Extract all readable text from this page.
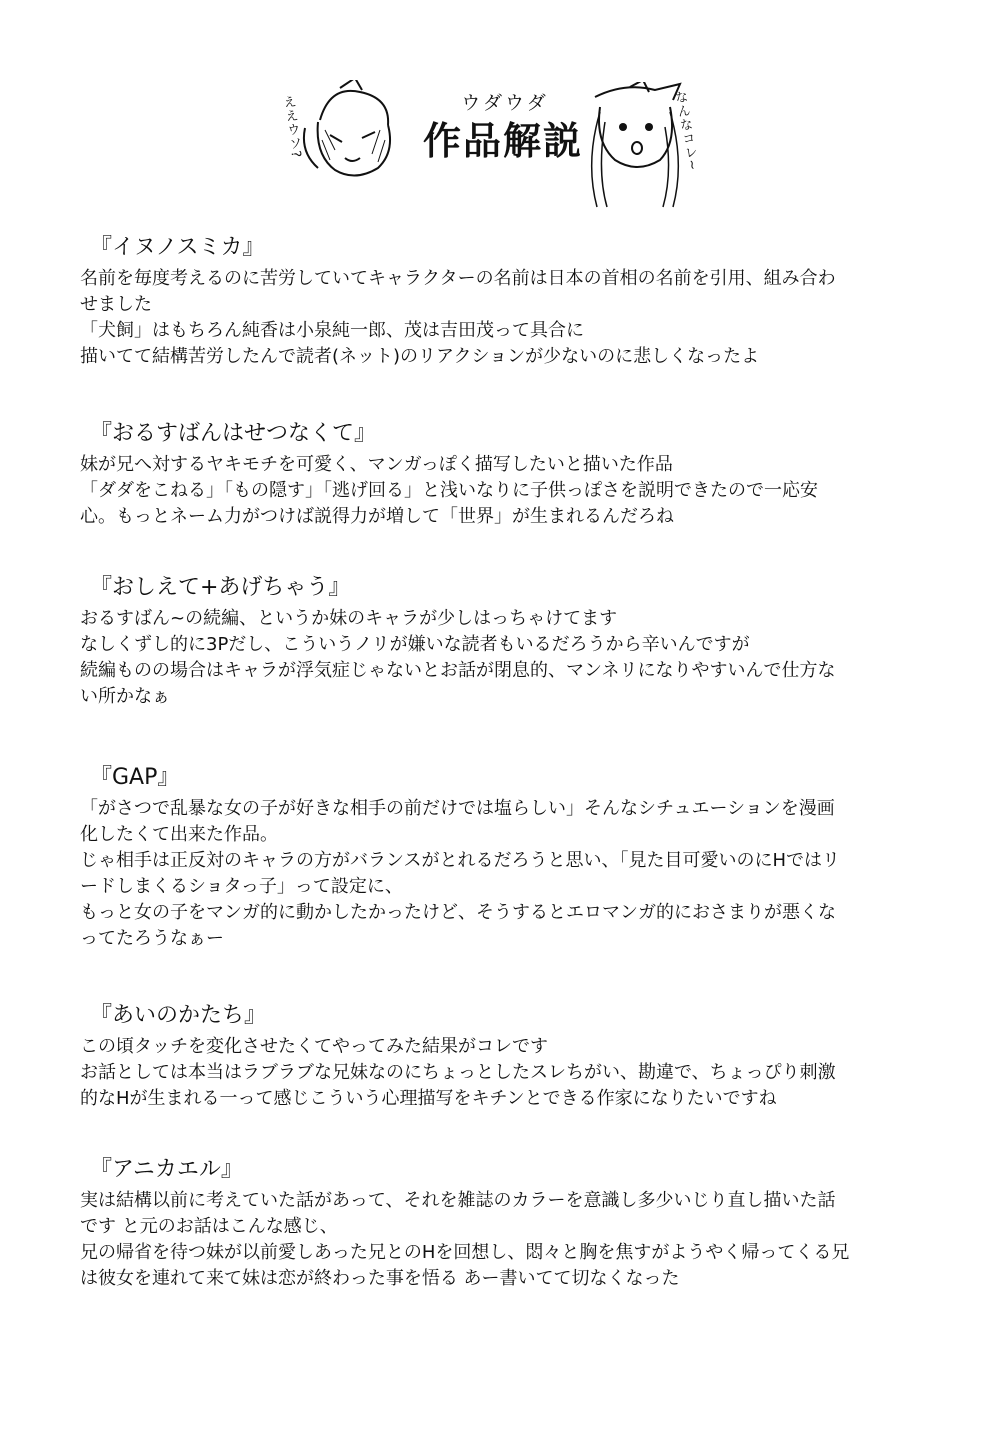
ええウソ?	ウダウダ
作品解説	なんなコレ~
『イヌノスミカ』

名前を毎度考えるのに苦労していてキャラクターの名前は日本の首相の名前を引用、組み合わ

せました

「犬飼」はもちろん純香は小泉純一郎、茂は吉田茂って具合に

描いてて結構苦労したんで読者(ネット)のリアクションが少ないのに悲しくなったよ

『おるすばんはせつなくて』

妹が兄へ対するヤキモチを可愛く、マンガっぽく描写したいと描いた作品

「ダダをこねる」「もの隠す」「逃げ回る」と浅いなりに子供っぽさを説明できたので一応安

心。もっとネーム力がつけば説得力が増して「世界」が生まれるんだろね

『おしえて+あげちゃう』

おるすばん~の続編、というか妹のキャラが少しはっちゃけてます

なしくずし的に3Pだし、こういうノリが嫌いな読者もいるだろうから辛いんですが

続編ものの場合はキャラが浮気症じゃないとお話が閉息的、マンネリになりやすいんで仕方な

い所かなぁ

『GAP』

「がさつで乱暴な女の子が好きな相手の前だけでは塩らしい」そんなシチュエーションを漫画

化したくて出来た作品。

じゃ相手は正反対のキャラの方がバランスがとれるだろうと思い、「見た目可愛いのにHではリ

ードしまくるショタっ子」って設定に、

もっと女の子をマンガ的に動かしたかったけど、そうするとエロマンガ的におさまりが悪くな

ってたろうなぁー

『あいのかたち』

この頃タッチを変化させたくてやってみた結果がコレです

お話としては本当はラブラブな兄妹なのにちょっとしたスレちがい、勘違で、ちょっぴり刺激

的なHが生まれる一って感じこういう心理描写をキチンとできる作家になりたいですね

『アニカエル』

実は結構以前に考えていた話があって、それを雑誌のカラーを意識し多少いじり直し描いた話

です と元のお話はこんな感じ、

兄の帰省を待つ妹が以前愛しあった兄とのHを回想し、悶々と胸を焦すがようやく帰ってくる兄

は彼女を連れて来て妹は恋が終わった事を悟る あー書いてて切なくなった
